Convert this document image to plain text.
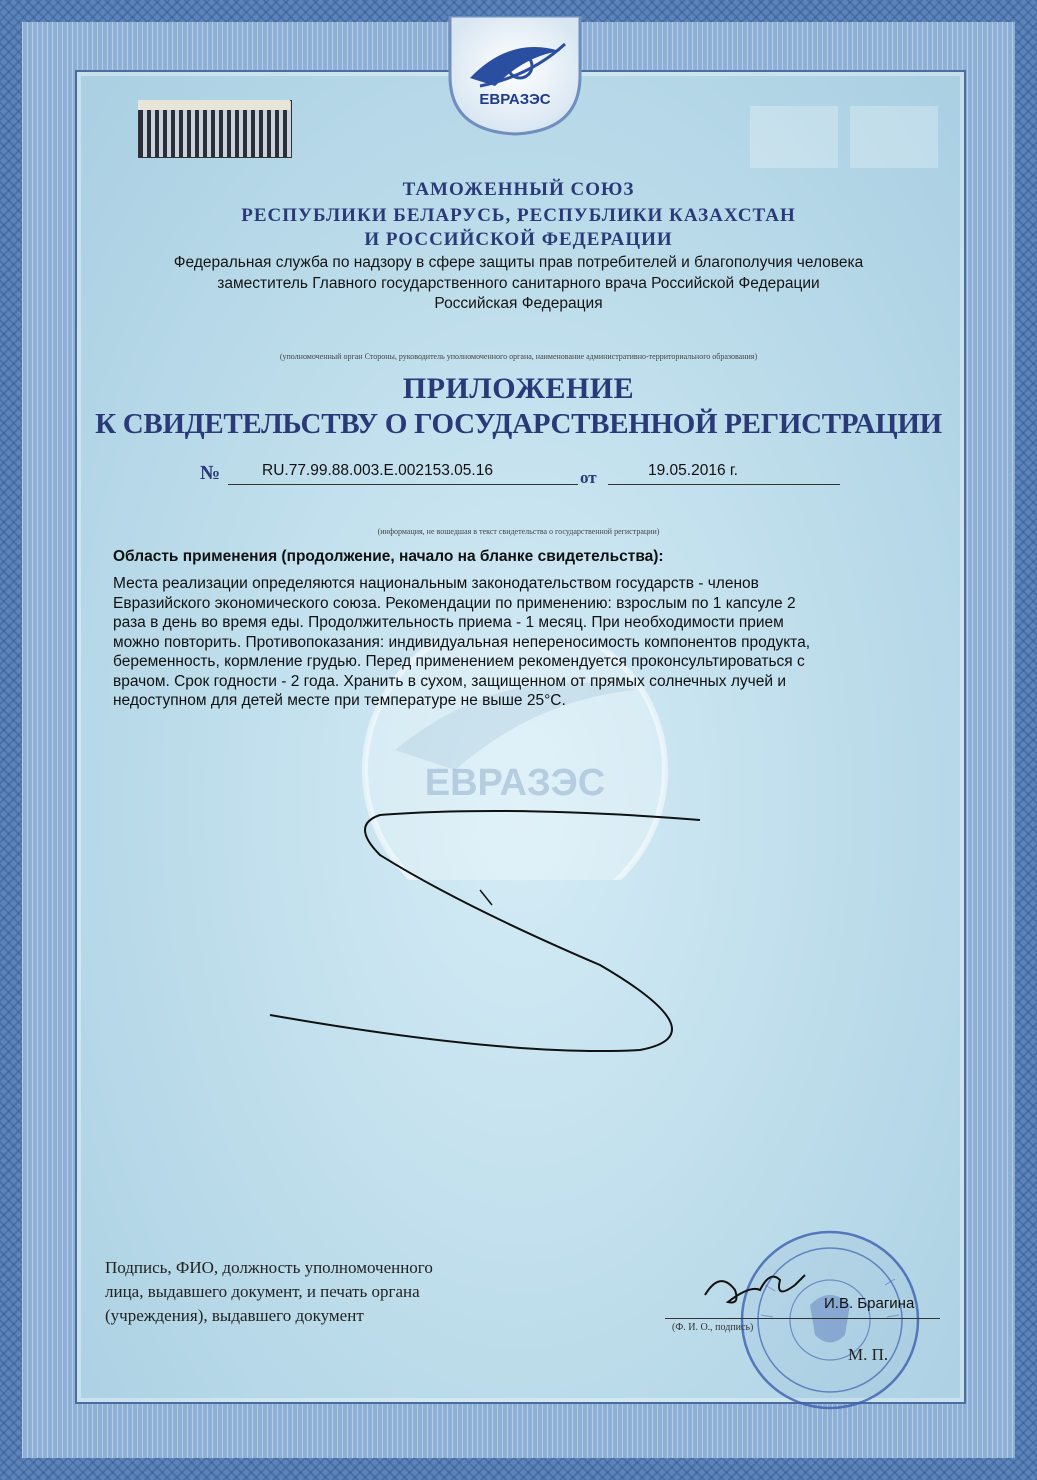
ЕВРАЗЭС
ТАМОЖЕННЫЙ СОЮЗ
РЕСПУБЛИКИ БЕЛАРУСЬ, РЕСПУБЛИКИ КАЗАХСТАН
И РОССИЙСКОЙ ФЕДЕРАЦИИ
Федеральная служба по надзору в сфере защиты прав потребителей и благополучия человека
заместитель Главного государственного санитарного врача Российской Федерации
Российская Федерация
(уполномоченный орган Стороны, руководитель уполномоченного органа, наименование административно-территориального образования)
ПРИЛОЖЕНИЕ
К СВИДЕТЕЛЬСТВУ О ГОСУДАРСТВЕННОЙ РЕГИСТРАЦИИ
№	RU.77.99.88.003.E.002153.05.16	от	19.05.2016 г.
(информация, не вошедшая в текст свидетельства о государственной регистрации)
ЕВРАЗЭС
Область применения (продолжение, начало на бланке свидетельства):
Места реализации определяются национальным законодательством государств - членов
Евразийского экономического союза. Рекомендации по применению: взрослым по 1 капсуле 2
раза в день во время еды. Продолжительность приема - 1 месяц. При необходимости прием
можно повторить. Противопоказания: индивидуальная непереносимость компонентов продукта,
беременность, кормление грудью. Перед применением рекомендуется проконсультироваться с
врачом. Срок годности - 2 года. Хранить в сухом, защищенном от прямых солнечных лучей и
недоступном для детей месте при температуре не выше 25°С.
Подпись, ФИО, должность уполномоченного
лица, выдавшего документ, и печать органа
(учреждения), выдавшего документ
И.В. Брагина
(Ф. И. О., подпись)
М. П.
